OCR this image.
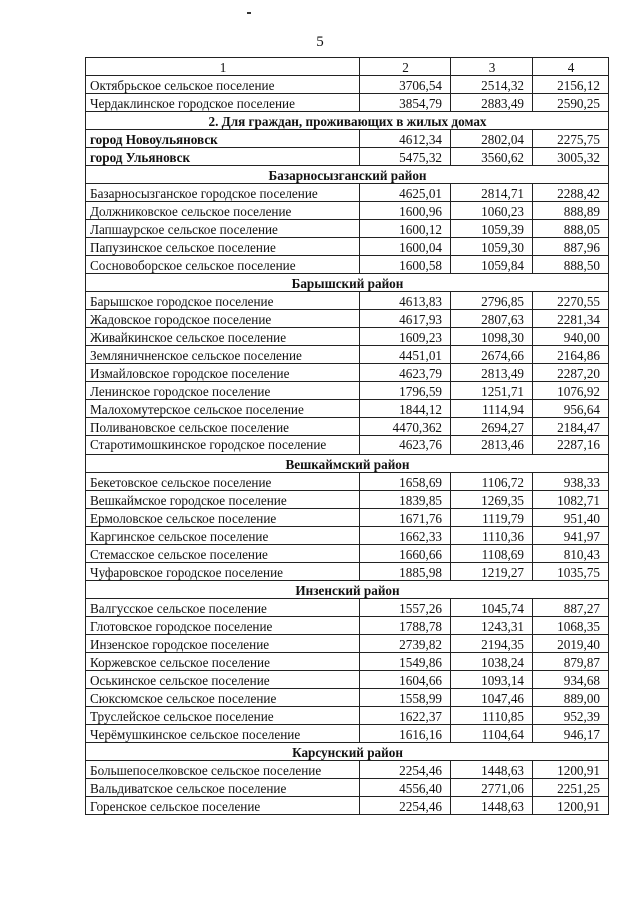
5
1	2	3	4
Октябрьское сельское поселение	3706,54	2514,32	2156,12
Чердаклинское городское поселение	3854,79	2883,49	2590,25
2. Для граждан, проживающих в жилых домах			
город Новоульяновск	4612,34	2802,04	2275,75
город Ульяновск	5475,32	3560,62	3005,32
Базарносызганский район			
Базарносызганское городское поселение	4625,01	2814,71	2288,42
Должниковское сельское поселение	1600,96	1060,23	888,89
Лапшаурское сельское поселение	1600,12	1059,39	888,05
Папузинское сельское поселение	1600,04	1059,30	887,96
Сосновоборское сельское поселение	1600,58	1059,84	888,50
Барышский район			
Барышское городское поселение	4613,83	2796,85	2270,55
Жадовское городское поселение	4617,93	2807,63	2281,34
Живайкинское сельское поселение	1609,23	1098,30	940,00
Земляничненское сельское поселение	4451,01	2674,66	2164,86
Измайловское городское поселение	4623,79	2813,49	2287,20
Ленинское городское поселение	1796,59	1251,71	1076,92
Малохомутерское сельское поселение	1844,12	1114,94	956,64
Поливановское сельское поселение	4470,362	2694,27	2184,47
Старотимошкинское городское поселение	4623,76	2813,46	2287,16
Вешкаймский район			
Бекетовское сельское поселение	1658,69	1106,72	938,33
Вешкаймское городское поселение	1839,85	1269,35	1082,71
Ермоловское сельское поселение	1671,76	1119,79	951,40
Каргинское сельское поселение	1662,33	1110,36	941,97
Стемасское сельское поселение	1660,66	1108,69	810,43
Чуфаровское городское поселение	1885,98	1219,27	1035,75
Инзенский район			
Валгусское сельское поселение	1557,26	1045,74	887,27
Глотовское городское поселение	1788,78	1243,31	1068,35
Инзенское городское поселение	2739,82	2194,35	2019,40
Коржевское сельское поселение	1549,86	1038,24	879,87
Оськинское сельское поселение	1604,66	1093,14	934,68
Сюксюмское сельское поселение	1558,99	1047,46	889,00
Труслейское сельское поселение	1622,37	1110,85	952,39
Черёмушкинское сельское поселение	1616,16	1104,64	946,17
Карсунский район			
Большепоселковское сельское поселение	2254,46	1448,63	1200,91
Вальдиватское сельское поселение	4556,40	2771,06	2251,25
Горенское сельское поселение	2254,46	1448,63	1200,91
